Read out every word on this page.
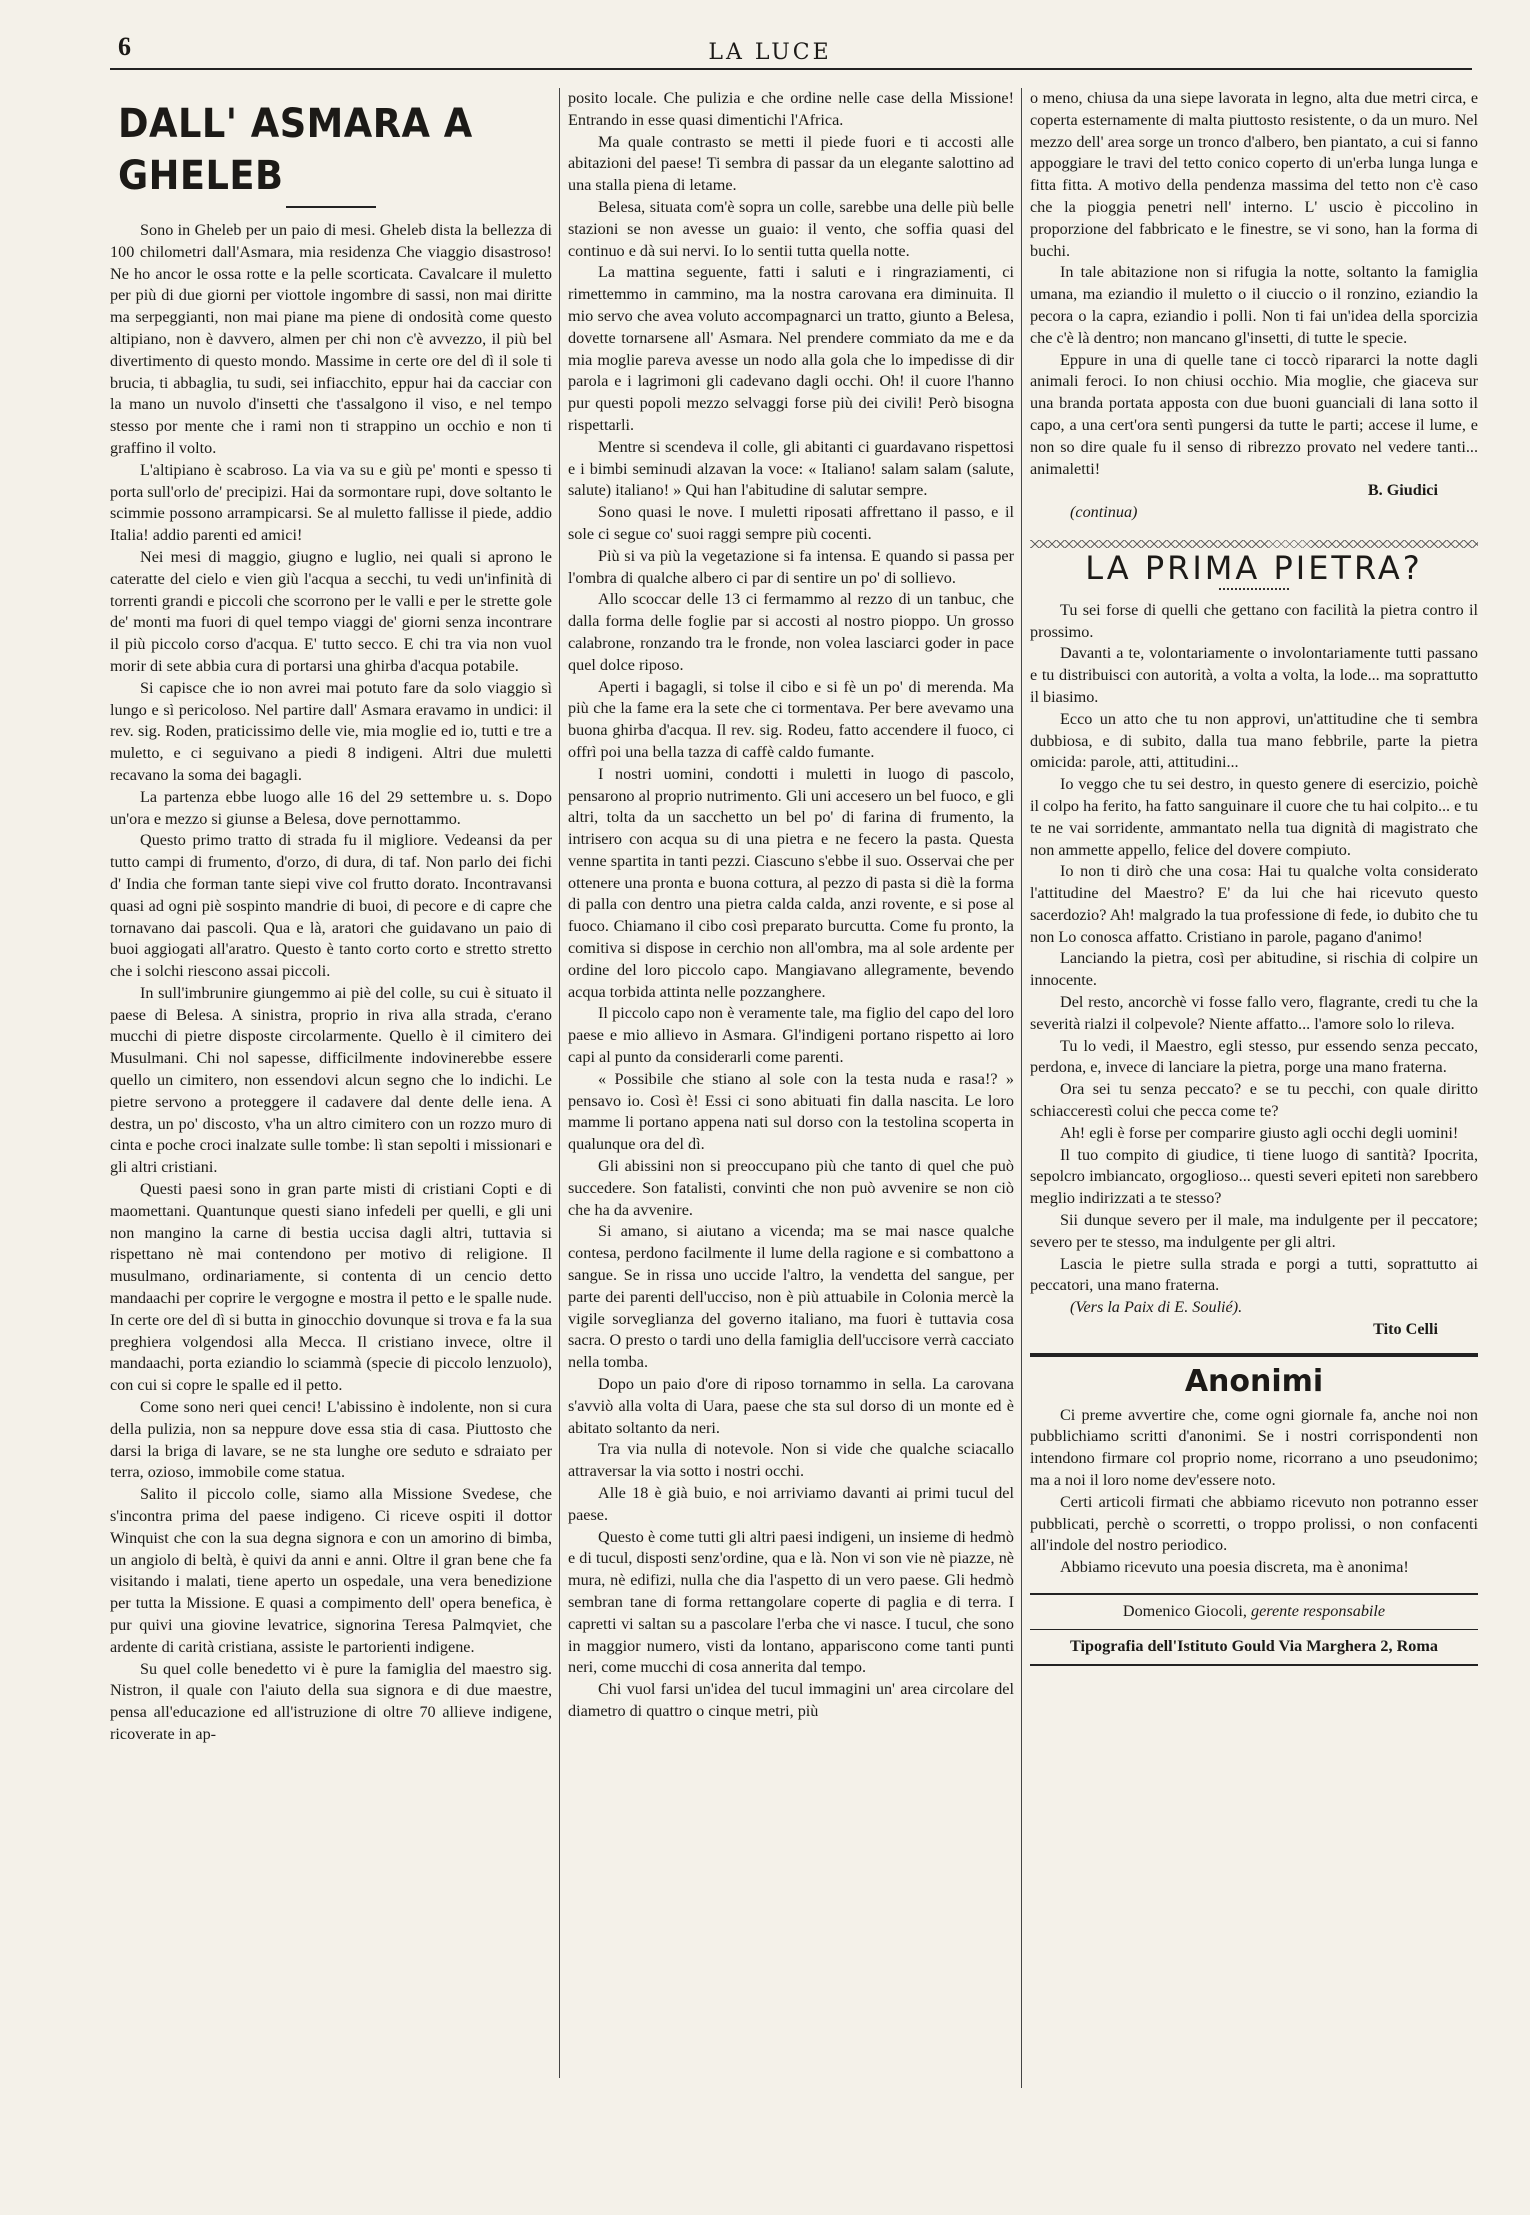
6	LA LUCE
DALL' ASMARA A GHELEB

Sono in Gheleb per un paio di mesi. Gheleb dista la bellezza di 100 chilometri dall'Asmara, mia residenza Che viaggio disastroso! Ne ho ancor le ossa rotte e la pelle scorticata. Cavalcare il muletto per più di due giorni per viottole ingombre di sassi, non mai diritte ma serpeggianti, non mai piane ma piene di ondosità come questo altipiano, non è davvero, almen per chi non c'è avvezzo, il più bel divertimento di questo mondo. Massime in certe ore del dì il sole ti brucia, ti abbaglia, tu sudi, sei infiacchito, eppur hai da cacciar con la mano un nuvolo d'insetti che t'assalgono il viso, e nel tempo stesso por mente che i rami non ti strappino un occhio e non ti graffino il volto.

L'altipiano è scabroso. La via va su e giù pe' monti e spesso ti porta sull'orlo de' precipizi. Hai da sormontare rupi, dove soltanto le scimmie possono arrampicarsi. Se al muletto fallisse il piede, addio Italia! addio parenti ed amici!

Nei mesi di maggio, giugno e luglio, nei quali si aprono le cateratte del cielo e vien giù l'acqua a secchi, tu vedi un'infinità di torrenti grandi e piccoli che scorrono per le valli e per le strette gole de' monti ma fuori di quel tempo viaggi de' giorni senza incontrare il più piccolo corso d'acqua. E' tutto secco. E chi tra via non vuol morir di sete abbia cura di portarsi una ghirba d'acqua potabile.

Si capisce che io non avrei mai potuto fare da solo viaggio sì lungo e sì pericoloso. Nel partire dall' Asmara eravamo in undici: il rev. sig. Roden, praticissimo delle vie, mia moglie ed io, tutti e tre a muletto, e ci seguivano a piedi 8 indigeni. Altri due muletti recavano la soma dei bagagli.

La partenza ebbe luogo alle 16 del 29 settembre u. s. Dopo un'ora e mezzo si giunse a Belesa, dove pernottammo.

Questo primo tratto di strada fu il migliore. Vedeansi da per tutto campi di frumento, d'orzo, di dura, di taf. Non parlo dei fichi d' India che forman tante siepi vive col frutto dorato. Incontravansi quasi ad ogni piè sospinto mandrie di buoi, di pecore e di capre che tornavano dai pascoli. Qua e là, aratori che guidavano un paio di buoi aggiogati all'aratro. Questo è tanto corto corto e stretto stretto che i solchi riescono assai piccoli.

In sull'imbrunire giungemmo ai piè del colle, su cui è situato il paese di Belesa. A sinistra, proprio in riva alla strada, c'erano mucchi di pietre disposte circolarmente. Quello è il cimitero dei Musulmani. Chi nol sapesse, difficilmente indovinerebbe essere quello un cimitero, non essendovi alcun segno che lo indichi. Le pietre servono a proteggere il cadavere dal dente delle iena. A destra, un po' discosto, v'ha un altro cimitero con un rozzo muro di cinta e poche croci inalzate sulle tombe: lì stan sepolti i missionari e gli altri cristiani.

Questi paesi sono in gran parte misti di cristiani Copti e di maomettani. Quantunque questi siano infedeli per quelli, e gli uni non mangino la carne di bestia uccisa dagli altri, tuttavia si rispettano nè mai contendono per motivo di religione. Il musulmano, ordinariamente, si contenta di un cencio detto mandaachi per coprire le vergogne e mostra il petto e le spalle nude. In certe ore del dì si butta in ginocchio dovunque si trova e fa la sua preghiera volgendosi alla Mecca. Il cristiano invece, oltre il mandaachi, porta eziandio lo sciammà (specie di piccolo lenzuolo), con cui si copre le spalle ed il petto.

Come sono neri quei cenci! L'abissino è indolente, non si cura della pulizia, non sa neppure dove essa stia di casa. Piuttosto che darsi la briga di lavare, se ne sta lunghe ore seduto e sdraiato per terra, ozioso, immobile come statua.

Salito il piccolo colle, siamo alla Missione Svedese, che s'incontra prima del paese indigeno. Ci riceve ospiti il dottor Winquist che con la sua degna signora e con un amorino di bimba, un angiolo di beltà, è quivi da anni e anni. Oltre il gran bene che fa visitando i malati, tiene aperto un ospedale, una vera benedizione per tutta la Missione. E quasi a compimento dell' opera benefica, è pur quivi una giovine levatrice, signorina Teresa Palmqviet, che ardente di carità cristiana, assiste le partorienti indigene.

Su quel colle benedetto vi è pure la famiglia del maestro sig. Nistron, il quale con l'aiuto della sua signora e di due maestre, pensa all'educazione ed all'istruzione di oltre 70 allieve indigene, ricoverate in ap-

posito locale. Che pulizia e che ordine nelle case della Missione! Entrando in esse quasi dimentichi l'Africa.

Ma quale contrasto se metti il piede fuori e ti accosti alle abitazioni del paese! Ti sembra di passar da un elegante salottino ad una stalla piena di letame.

Belesa, situata com'è sopra un colle, sarebbe una delle più belle stazioni se non avesse un guaio: il vento, che soffia quasi del continuo e dà sui nervi. Io lo sentii tutta quella notte.

La mattina seguente, fatti i saluti e i ringraziamenti, ci rimettemmo in cammino, ma la nostra carovana era diminuita. Il mio servo che avea voluto accompagnarci un tratto, giunto a Belesa, dovette tornarsene all' Asmara. Nel prendere commiato da me e da mia moglie pareva avesse un nodo alla gola che lo impedisse di dir parola e i lagrimoni gli cadevano dagli occhi. Oh! il cuore l'hanno pur questi popoli mezzo selvaggi forse più dei civili! Però bisogna rispettarli.

Mentre si scendeva il colle, gli abitanti ci guardavano rispettosi e i bimbi seminudi alzavan la voce: « Italiano! salam salam (salute, salute) italiano! » Qui han l'abitudine di salutar sempre.

Sono quasi le nove. I muletti riposati affrettano il passo, e il sole ci segue co' suoi raggi sempre più cocenti.

Più si va più la vegetazione si fa intensa. E quando si passa per l'ombra di qualche albero ci par di sentire un po' di sollievo.

Allo scoccar delle 13 ci fermammo al rezzo di un tanbuc, che dalla forma delle foglie par si accosti al nostro pioppo. Un grosso calabrone, ronzando tra le fronde, non volea lasciarci goder in pace quel dolce riposo.

Aperti i bagagli, si tolse il cibo e si fè un po' di merenda. Ma più che la fame era la sete che ci tormentava. Per bere avevamo una buona ghirba d'acqua. Il rev. sig. Rodeu, fatto accendere il fuoco, ci offrì poi una bella tazza di caffè caldo fumante.

I nostri uomini, condotti i muletti in luogo di pascolo, pensarono al proprio nutrimento. Gli uni accesero un bel fuoco, e gli altri, tolta da un sacchetto un bel po' di farina di frumento, la intrisero con acqua su di una pietra e ne fecero la pasta. Questa venne spartita in tanti pezzi. Ciascuno s'ebbe il suo. Osservai che per ottenere una pronta e buona cottura, al pezzo di pasta si diè la forma di palla con dentro una pietra calda calda, anzi rovente, e si pose al fuoco. Chiamano il cibo così preparato burcutta. Come fu pronto, la comitiva si dispose in cerchio non all'ombra, ma al sole ardente per ordine del loro piccolo capo. Mangiavano allegramente, bevendo acqua torbida attinta nelle pozzanghere.

Il piccolo capo non è veramente tale, ma figlio del capo del loro paese e mio allievo in Asmara. Gl'indigeni portano rispetto ai loro capi al punto da considerarli come parenti.

« Possibile che stiano al sole con la testa nuda e rasa!? » pensavo io. Così è! Essi ci sono abituati fin dalla nascita. Le loro mamme li portano appena nati sul dorso con la testolina scoperta in qualunque ora del dì.

Gli abissini non si preoccupano più che tanto di quel che può succedere. Son fatalisti, convinti che non può avvenire se non ciò che ha da avvenire.

Si amano, si aiutano a vicenda; ma se mai nasce qualche contesa, perdono facilmente il lume della ragione e si combattono a sangue. Se in rissa uno uccide l'altro, la vendetta del sangue, per parte dei parenti dell'ucciso, non è più attuabile in Colonia mercè la vigile sorveglianza del governo italiano, ma fuori è tuttavia cosa sacra. O presto o tardi uno della famiglia dell'uccisore verrà cacciato nella tomba.

Dopo un paio d'ore di riposo tornammo in sella. La carovana s'avviò alla volta di Uara, paese che sta sul dorso di un monte ed è abitato soltanto da neri.

Tra via nulla di notevole. Non si vide che qualche sciacallo attraversar la via sotto i nostri occhi.

Alle 18 è già buio, e noi arriviamo davanti ai primi tucul del paese.

Questo è come tutti gli altri paesi indigeni, un insieme di hedmò e di tucul, disposti senz'ordine, qua e là. Non vi son vie nè piazze, nè mura, nè edifizi, nulla che dia l'aspetto di un vero paese. Gli hedmò sembran tane di forma rettangolare coperte di paglia e di terra. I capretti vi saltan su a pascolare l'erba che vi nasce. I tucul, che sono in maggior numero, visti da lontano, appariscono come tanti punti neri, come mucchi di cosa annerita dal tempo.

Chi vuol farsi un'idea del tucul immagini un' area circolare del diametro di quattro o cinque metri, più

o meno, chiusa da una siepe lavorata in legno, alta due metri circa, e coperta esternamente di malta piuttosto resistente, o da un muro. Nel mezzo dell' area sorge un tronco d'albero, ben piantato, a cui si fanno appoggiare le travi del tetto conico coperto di un'erba lunga lunga e fitta fitta. A motivo della pendenza massima del tetto non c'è caso che la pioggia penetri nell' interno. L' uscio è piccolino in proporzione del fabbricato e le finestre, se vi sono, han la forma di buchi.

In tale abitazione non si rifugia la notte, soltanto la famiglia umana, ma eziandio il muletto o il ciuccio o il ronzino, eziandio la pecora o la capra, eziandio i polli. Non ti fai un'idea della sporcizia che c'è là dentro; non mancano gl'insetti, di tutte le specie.

Eppure in una di quelle tane ci toccò ripararci la notte dagli animali feroci. Io non chiusi occhio. Mia moglie, che giaceva sur una branda portata apposta con due buoni guanciali di lana sotto il capo, a una cert'ora sentì pungersi da tutte le parti; accese il lume, e non so dire quale fu il senso di ribrezzo provato nel vedere tanti... animaletti!

B. Giudici
(continua)
LA PRIMA PIETRA?

Tu sei forse di quelli che gettano con facilità la pietra contro il prossimo.

Davanti a te, volontariamente o involontariamente tutti passano e tu distribuisci con autorità, a volta a volta, la lode... ma soprattutto il biasimo.

Ecco un atto che tu non approvi, un'attitudine che ti sembra dubbiosa, e di subito, dalla tua mano febbrile, parte la pietra omicida: parole, atti, attitudini...

Io veggo che tu sei destro, in questo genere di esercizio, poichè il colpo ha ferito, ha fatto sanguinare il cuore che tu hai colpito... e tu te ne vai sorridente, ammantato nella tua dignità di magistrato che non ammette appello, felice del dovere compiuto.

Io non ti dirò che una cosa: Hai tu qualche volta considerato l'attitudine del Maestro? E' da lui che hai ricevuto questo sacerdozio? Ah! malgrado la tua professione di fede, io dubito che tu non Lo conosca affatto. Cristiano in parole, pagano d'animo!

Lanciando la pietra, così per abitudine, si rischia di colpire un innocente.

Del resto, ancorchè vi fosse fallo vero, flagrante, credi tu che la severità rialzi il colpevole? Niente affatto... l'amore solo lo rileva.

Tu lo vedi, il Maestro, egli stesso, pur essendo senza peccato, perdona, e, invece di lanciare la pietra, porge una mano fraterna.

Ora sei tu senza peccato? e se tu pecchi, con quale diritto schiaccerestì colui che pecca come te?

Ah! egli è forse per comparire giusto agli occhi degli uomini!

Il tuo compito di giudice, ti tiene luogo di santità? Ipocrita, sepolcro imbiancato, orgoglioso... questi severi epiteti non sarebbero meglio indirizzati a te stesso?

Sii dunque severo per il male, ma indulgente per il peccatore; severo per te stesso, ma indulgente per gli altri.

Lascia le pietre sulla strada e porgi a tutti, soprattutto ai peccatori, una mano fraterna.

(Vers la Paix di E. Soulié).
Tito Celli
Anonimi

Ci preme avvertire che, come ogni giornale fa, anche noi non pubblichiamo scritti d'anonimi. Se i nostri corrispondenti non intendono firmare col proprio nome, ricorrano a uno pseudonimo; ma a noi il loro nome dev'essere noto.

Certi articoli firmati che abbiamo ricevuto non potranno esser pubblicati, perchè o scorretti, o troppo prolissi, o non confacenti all'indole del nostro periodico.

Abbiamo ricevuto una poesia discreta, ma è anonima!

Domenico Giocoli, gerente responsabile
Tipografia dell'Istituto Gould Via Marghera 2, Roma
